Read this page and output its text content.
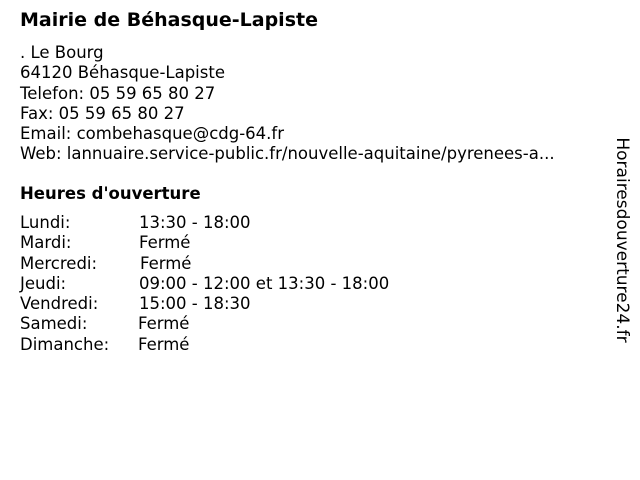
Mairie de Béhasque-Lapiste
. Le Bourg
64120 Béhasque-Lapiste
Telefon: 05 59 65 80 27
Fax: 05 59 65 80 27
Email: combehasque@cdg-64.fr
Web: lannuaire.service-public.fr/nouvelle-aquitaine/pyrenees-a...
Heures d'ouverture
Lundi:	13:30 - 18:00
Mardi:	Fermé
Mercredi:	Fermé
Jeudi:	09:00 - 12:00 et 13:30 - 18:00
Vendredi: 15:00 - 18:30
Samedi:	Fermé
Dimanche: Fermé
Horairesdouverture24.fr
